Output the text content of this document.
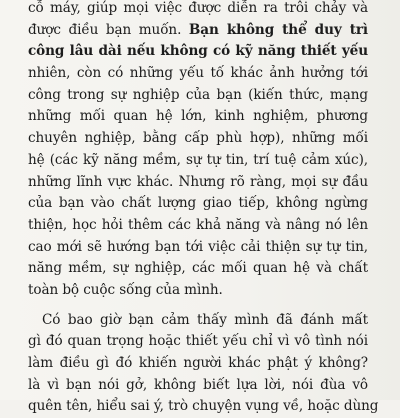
cỗ máy, giúp mọi việc được diễn ra trôi chảy và
được điều bạn muốn. Bạn không thể duy trì
công lâu dài nếu không có kỹ năng thiết yếu
nhiên, còn có những yếu tố khác ảnh hưởng tới
công trong sự nghiệp của bạn (kiến thức, mạng
những mối quan hệ lớn, kinh nghiệm, phương
chuyên nghiệp, bằng cấp phù hợp), những mối
hệ (các kỹ năng mềm, sự tự tin, trí tuệ cảm xúc),
những lĩnh vực khác. Nhưng rõ ràng, mọi sự đầu
của bạn vào chất lượng giao tiếp, không ngừng
thiện, học hỏi thêm các khả năng và nâng nó lên
cao mới sẽ hướng bạn tới việc cải thiện sự tự tin,
năng mềm, sự nghiệp, các mối quan hệ và chất
toàn bộ cuộc sống của mình.
Có bao giờ bạn cảm thấy mình đã đánh mất
gì đó quan trọng hoặc thiết yếu chỉ vì vô tình nói
làm điều gì đó khiến người khác phật ý không?
là vì bạn nói gở, không biết lựa lời, nói đùa vô
quên tên, hiểu sai ý, trò chuyện vụng về, hoặc dùng
